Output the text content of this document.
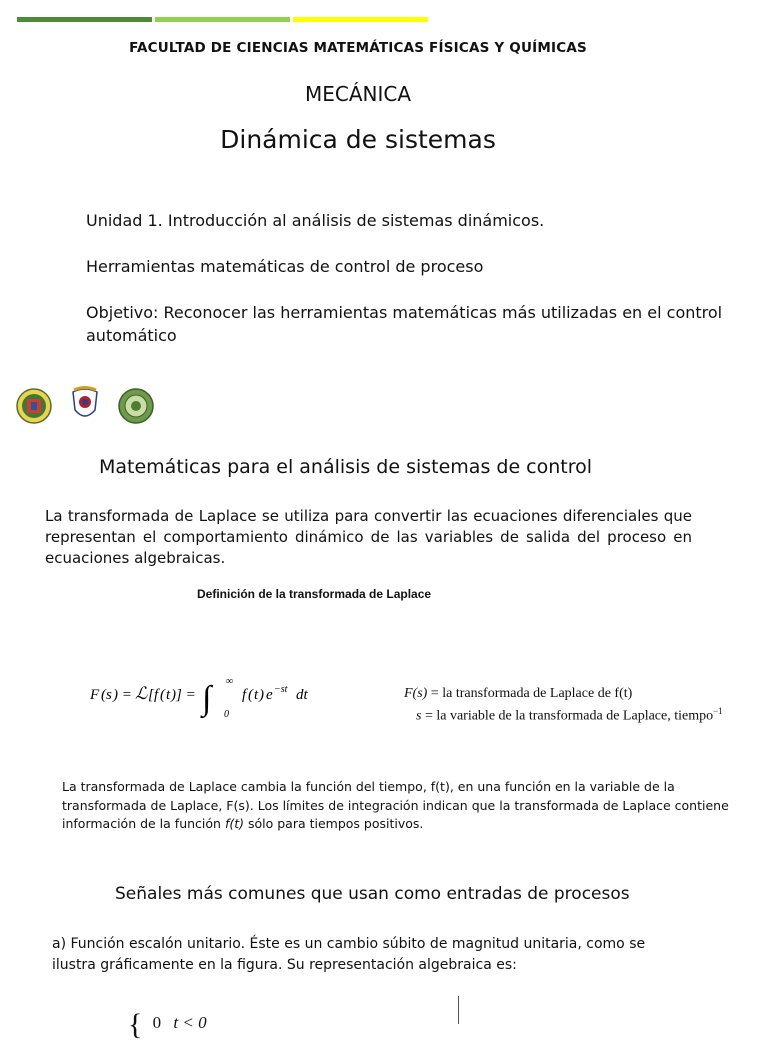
FACULTAD DE CIENCIAS MATEMÁTICAS FÍSICAS Y QUÍMICAS
MECÁNICA
Dinámica de sistemas
Unidad 1. Introducción al análisis de sistemas dinámicos.
Herramientas matemáticas de control de proceso
Objetivo: Reconocer las herramientas matemáticas más utilizadas en el control automático
Matemáticas para el análisis de sistemas de control
La transformada de Laplace se utiliza para convertir las ecuaciones diferenciales que representan el comportamiento dinámico de las variables de salida del proceso en ecuaciones algebraicas.
Definición de la transformada de Laplace
F ( s ) = ℒ [ f ( t )] = ∫ ∞
0
f ( t ) e −st dt	F(s) = la transformada de Laplace de f(t)
s = la variable de la transformada de Laplace, tiempo$^{-1}$
La transformada de Laplace cambia la función del tiempo, f(t), en una función en la variable de la transformada de Laplace, F(s). Los límites de integración indican que la transformada de Laplace contiene información de la función f(t) sólo para tiempos positivos.
Señales más comunes que usan como entradas de procesos
a) Función escalón unitario. Éste es un cambio súbito de magnitud unitaria, como se ilustra gráficamente en la figura. Su representación algebraica es:
{ 0 t < 0
